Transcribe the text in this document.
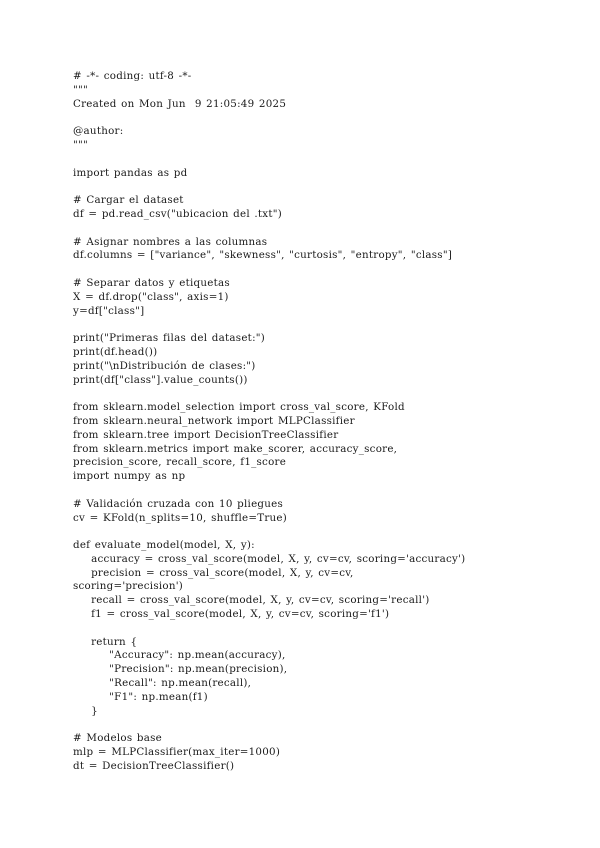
# -*- coding: utf-8 -*-
"""
Created on Mon Jun  9 21:05:49 2025
@author:
"""
import pandas as pd
# Cargar el dataset
df = pd.read_csv("ubicacion del .txt")
# Asignar nombres a las columnas
df.columns = ["variance", "skewness", "curtosis", "entropy", "class"]
# Separar datos y etiquetas
X = df.drop("class", axis=1)
y=df["class"]
print("Primeras filas del dataset:")
print(df.head())
print("\nDistribución de clases:")
print(df["class"].value_counts())
from sklearn.model_selection import cross_val_score, KFold
from sklearn.neural_network import MLPClassifier
from sklearn.tree import DecisionTreeClassifier
from sklearn.metrics import make_scorer, accuracy_score,
precision_score, recall_score, f1_score
import numpy as np
# Validación cruzada con 10 pliegues
cv = KFold(n_splits=10, shuffle=True)
def evaluate_model(model, X, y):
accuracy = cross_val_score(model, X, y, cv=cv, scoring='accuracy')
precision = cross_val_score(model, X, y, cv=cv,
scoring='precision')
recall = cross_val_score(model, X, y, cv=cv, scoring='recall')
f1 = cross_val_score(model, X, y, cv=cv, scoring='f1')
return {
"Accuracy": np.mean(accuracy),
"Precision": np.mean(precision),
"Recall": np.mean(recall),
"F1": np.mean(f1)
}
# Modelos base
mlp = MLPClassifier(max_iter=1000)
dt = DecisionTreeClassifier()
